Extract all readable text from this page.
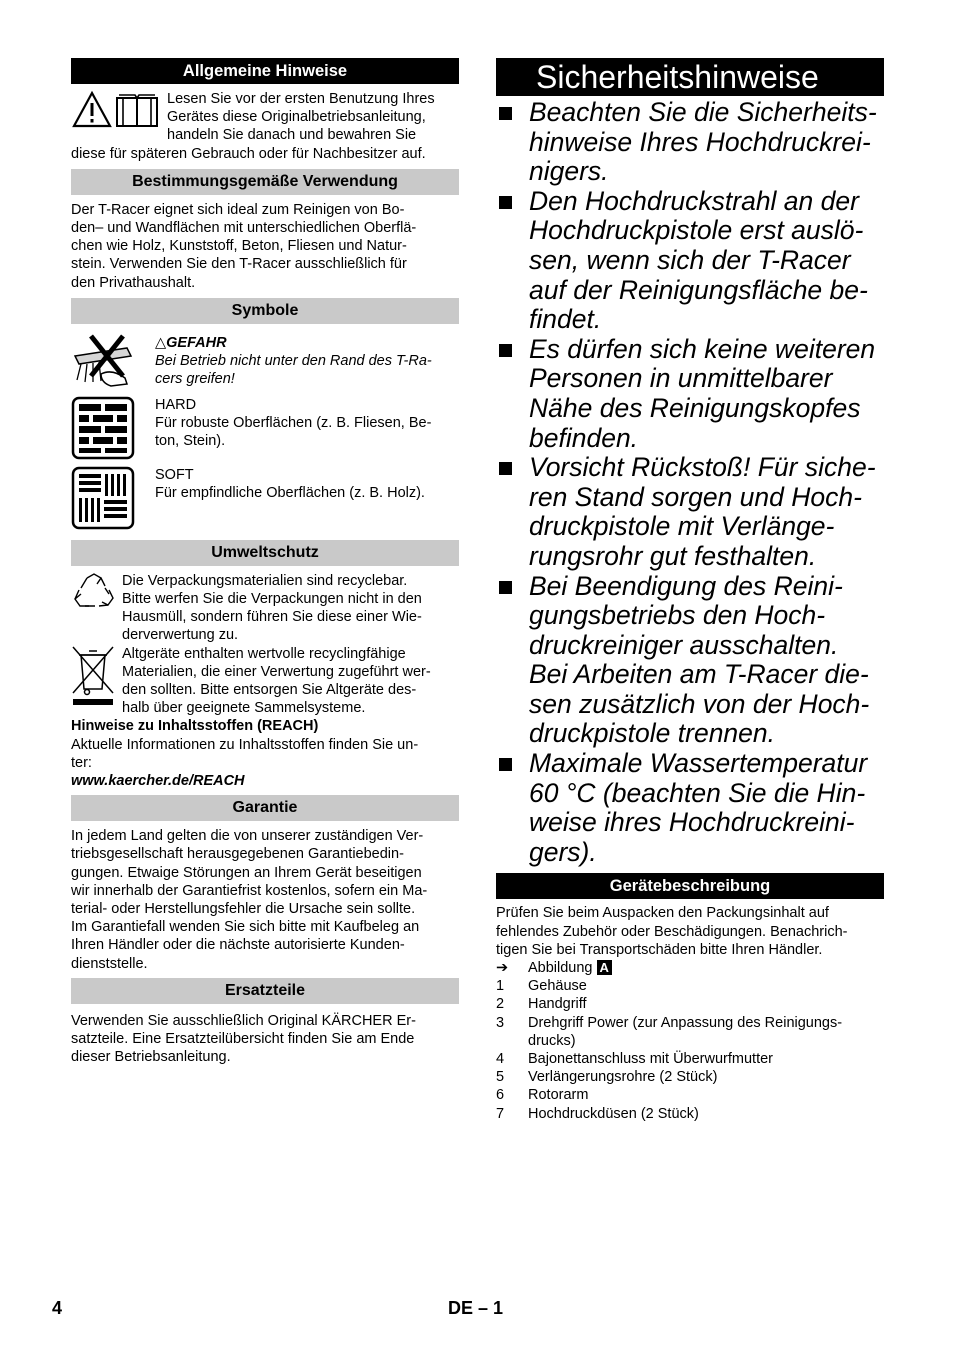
Allgemeine Hinweise

Lesen Sie vor der ersten Benutzung Ihres

Gerätes diese Originalbetriebsanleitung,

handeln Sie danach und bewahren Sie

diese für späteren Gebrauch oder für Nachbesitzer auf.

Bestimmungsgemäße Verwendung

Der T-Racer eignet sich ideal zum Reinigen von Bo-

den– und Wandflächen mit unterschiedlichen Oberflä-

chen wie Holz, Kunststoff, Beton, Fliesen und Natur-

stein. Verwenden Sie den T-Racer ausschließlich für

den Privathaushalt.

Symbole

△GEFAHR

Bei Betrieb nicht unter den Rand des T-Ra-

cers greifen!

HARD

Für robuste Oberflächen (z. B. Fliesen, Be-

ton, Stein).

SOFT

Für empfindliche Oberflächen (z. B. Holz).

Umweltschutz

Die Verpackungsmaterialien sind recyclebar.

Bitte werfen Sie die Verpackungen nicht in den

Hausmüll, sondern führen Sie diese einer Wie-

derverwertung zu.

Altgeräte enthalten wertvolle recyclingfähige

Materialien, die einer Verwertung zugeführt wer-

den sollten. Bitte entsorgen Sie Altgeräte des-

halb über geeignete Sammelsysteme.

Hinweise zu Inhaltsstoffen (REACH)

Aktuelle Informationen zu Inhaltsstoffen finden Sie un-

ter:

www.kaercher.de/REACH

Garantie

In jedem Land gelten die von unserer zuständigen Ver-

triebsgesellschaft herausgegebenen Garantiebedin-

gungen. Etwaige Störungen an Ihrem Gerät beseitigen

wir innerhalb der Garantiefrist kostenlos, sofern ein Ma-

terial- oder Herstellungsfehler die Ursache sein sollte.

Im Garantiefall wenden Sie sich bitte mit Kaufbeleg an

Ihren Händler oder die nächste autorisierte Kunden-

dienststelle.

Ersatzteile

Verwenden Sie ausschließlich Original KÄRCHER Er-

satzteile. Eine Ersatzteilübersicht finden Sie am Ende

dieser Betriebsanleitung.

Sicherheitshinweise
Beachten Sie die Sicherheits-
hinweise Ihres Hochdruckrei-
nigers.
Den Hochdruckstrahl an der
Hochdruckpistole erst auslö-
sen, wenn sich der T-Racer
auf der Reinigungsfläche be-
findet.
Es dürfen sich keine weiteren
Personen in unmittelbarer
Nähe des Reinigungskopfes
befinden.
Vorsicht Rückstoß! Für siche-
ren Stand sorgen und Hoch-
druckpistole mit Verlänge-
rungsrohr gut festhalten.
Bei Beendigung des Reini-
gungsbetriebs den Hoch-
druckreiniger ausschalten.
Bei Arbeiten am T-Racer die-
sen zusätzlich von der Hoch-
druckpistole trennen.
Maximale Wassertemperatur
60 °C (beachten Sie die Hin-
weise ihres Hochdruckreini-
gers).
Gerätebeschreibung

Prüfen Sie beim Auspacken den Packungsinhalt auf

fehlendes Zubehör oder Beschädigungen. Benachrich-

tigen Sie bei Transportschäden bitte Ihren Händler.

➔	Abbildung A
1	Gehäuse
2	Handgriff
3	Drehgriff Power (zur Anpassung des Reinigungs-
drucks)
4	Bajonettanschluss mit Überwurfmutter
5	Verlängerungsrohre (2 Stück)
6	Rotorarm
7	Hochdruckdüsen (2 Stück)
4	DE – 1
